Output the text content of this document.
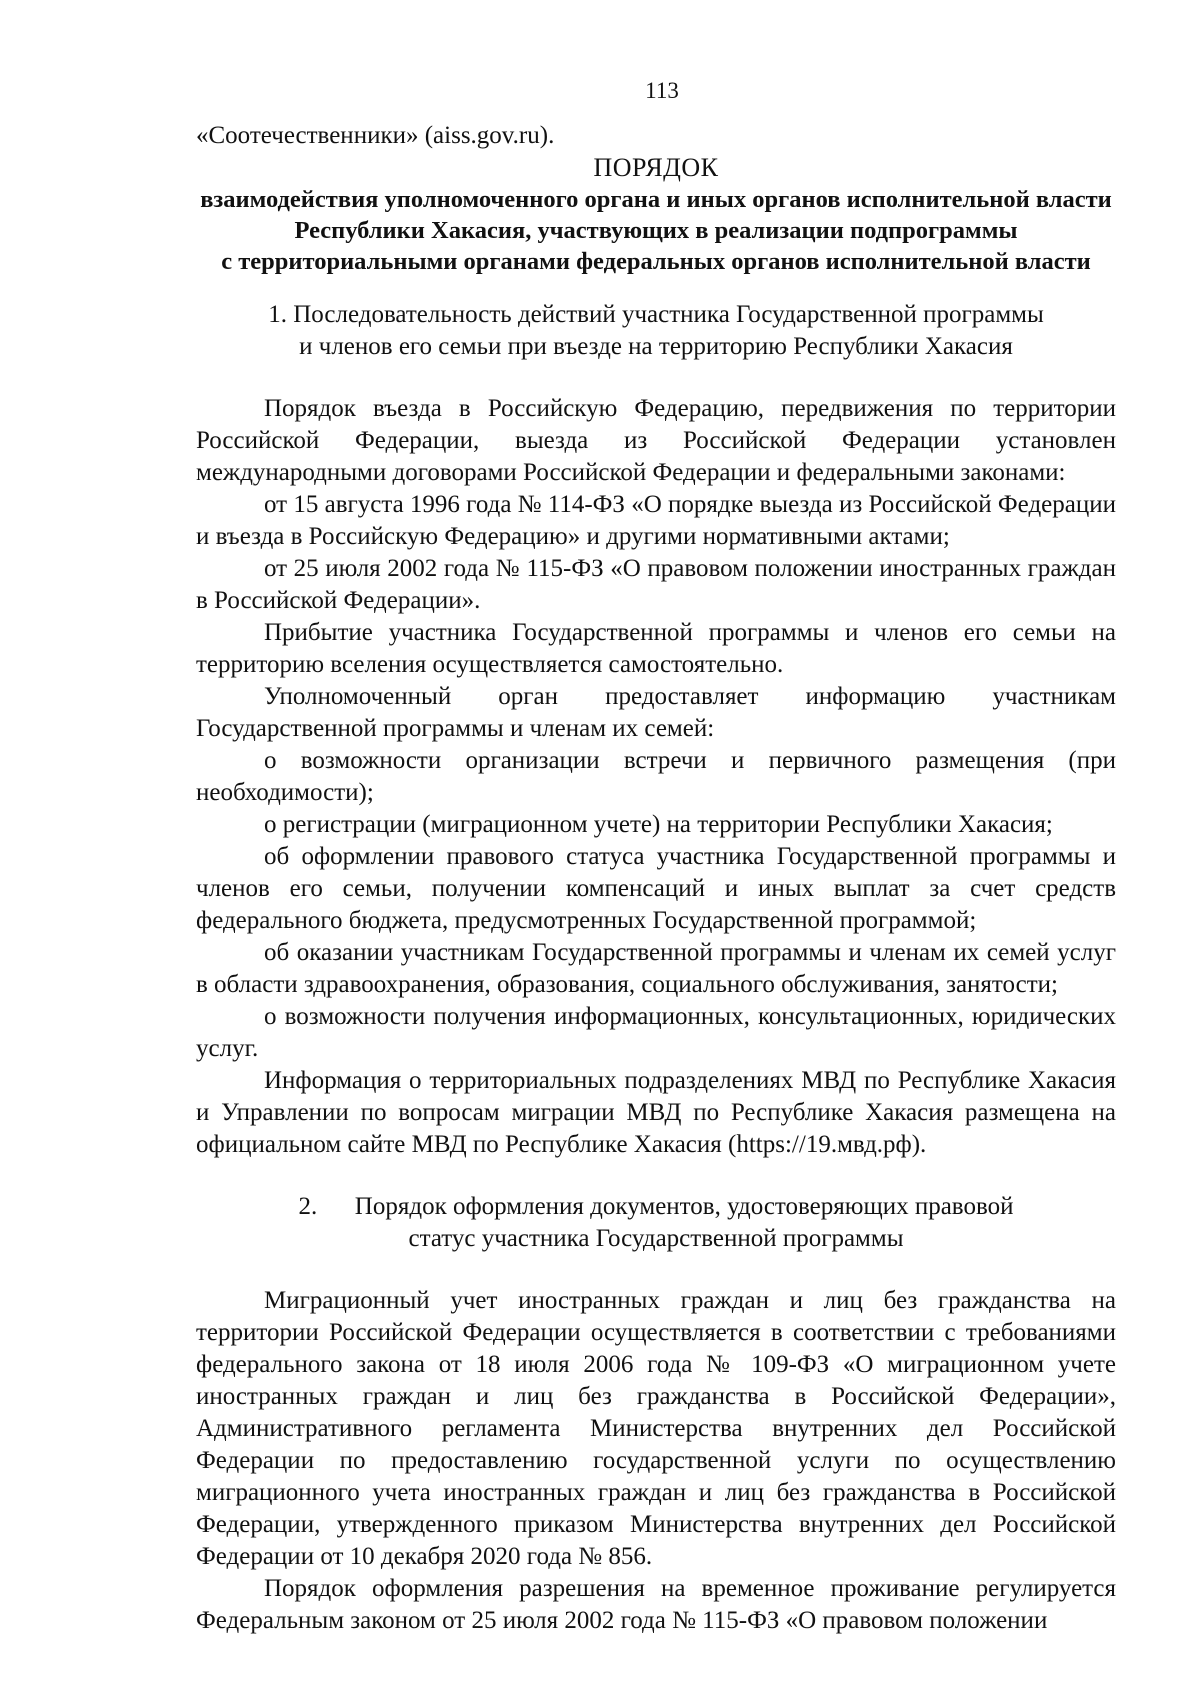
113

«Соотечественники» (aiss.gov.ru).

ПОРЯДОК

взаимодействия уполномоченного органа и иных органов исполнительной власти

Республики Хакасия, участвующих в реализации подпрограммы

с территориальными органами федеральных органов исполнительной власти

1. Последовательность действий участника Государственной программы

и членов его семьи при въезде на территорию Республики Хакасия

Порядок въезда в Российскую Федерацию, передвижения по территории Российской Федерации, выезда из Российской Федерации установлен международными договорами Российской Федерации и федеральными законами:

от 15 августа 1996 года № 114-ФЗ «О порядке выезда из Российской Федерации и въезда в Российскую Федерацию» и другими нормативными актами;

от 25 июля 2002 года № 115-ФЗ «О правовом положении иностранных граждан в Российской Федерации».

Прибытие участника Государственной программы и членов его семьи на территорию вселения осуществляется самостоятельно.

Уполномоченный орган предоставляет информацию участникам Государственной программы и членам их семей:

о возможности организации встречи и первичного размещения (при необходимости);

о регистрации (миграционном учете) на территории Республики Хакасия;

об оформлении правового статуса участника Государственной программы и членов его семьи, получении компенсаций и иных выплат за счет средств федерального бюджета, предусмотренных Государственной программой;

об оказании участникам Государственной программы и членам их семей услуг в области здравоохранения, образования, социального обслуживания, занятости;

о возможности получения информационных, консультационных, юридических услуг.

Информация о территориальных подразделениях МВД по Республике Хакасия и Управлении по вопросам миграции МВД по Республике Хакасия размещена на официальном сайте МВД по Республике Хакасия (https://19.мвд.рф).

2.      Порядок оформления документов, удостоверяющих правовой

статус участника Государственной программы

Миграционный учет иностранных граждан и лиц без гражданства на территории Российской Федерации осуществляется в соответствии с требованиями федерального закона от 18 июля 2006 года № 109-ФЗ «О миграционном учете иностранных граждан и лиц без гражданства в Российской Федерации», Административного регламента Министерства внутренних дел Российской Федерации по предоставлению государственной услуги по осуществлению миграционного учета иностранных граждан и лиц без гражданства в Российской Федерации, утвержденного приказом Министерства внутренних дел Российской Федерации от 10 декабря 2020 года № 856.

Порядок оформления разрешения на временное проживание регулируется Федеральным законом от 25 июля 2002 года № 115-ФЗ «О правовом положении
